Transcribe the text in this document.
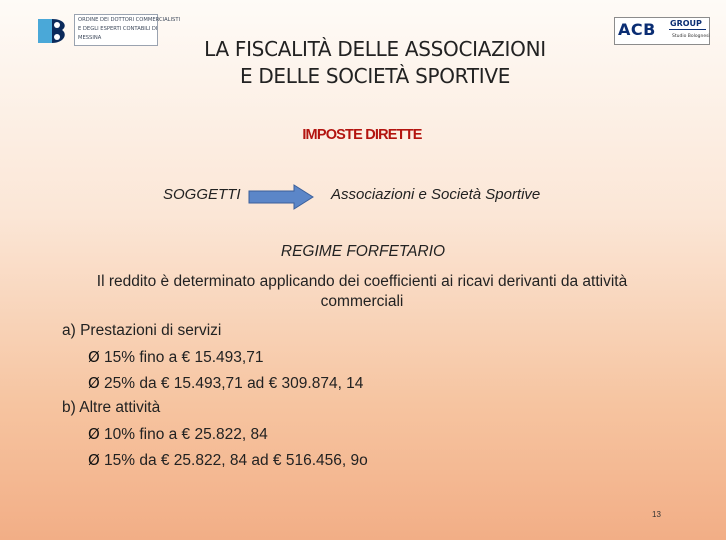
ORDINE DEI DOTTORI COMMERCIALISTI
E DEGLI ESPERTI CONTABILI DI
MESSINA	ACB GROUP
Studio Bolognesi
LA FISCALITÀ DELLE ASSOCIAZIONI
E DELLE SOCIETÀ SPORTIVE
IMPOSTE DIRETTE
SOGGETTI	Associazioni e Società Sportive
REGIME FORFETARIO
Il reddito è determinato applicando dei coefficienti ai ricavi derivanti da attività commerciali
a) Prestazioni di servizi
Ø 15% fino a € 15.493,71
Ø 25% da € 15.493,71 ad € 309.874, 14
b) Altre attività
Ø 10% fino a € 25.822, 84
Ø 15% da € 25.822, 84 ad € 516.456, 9o
13
